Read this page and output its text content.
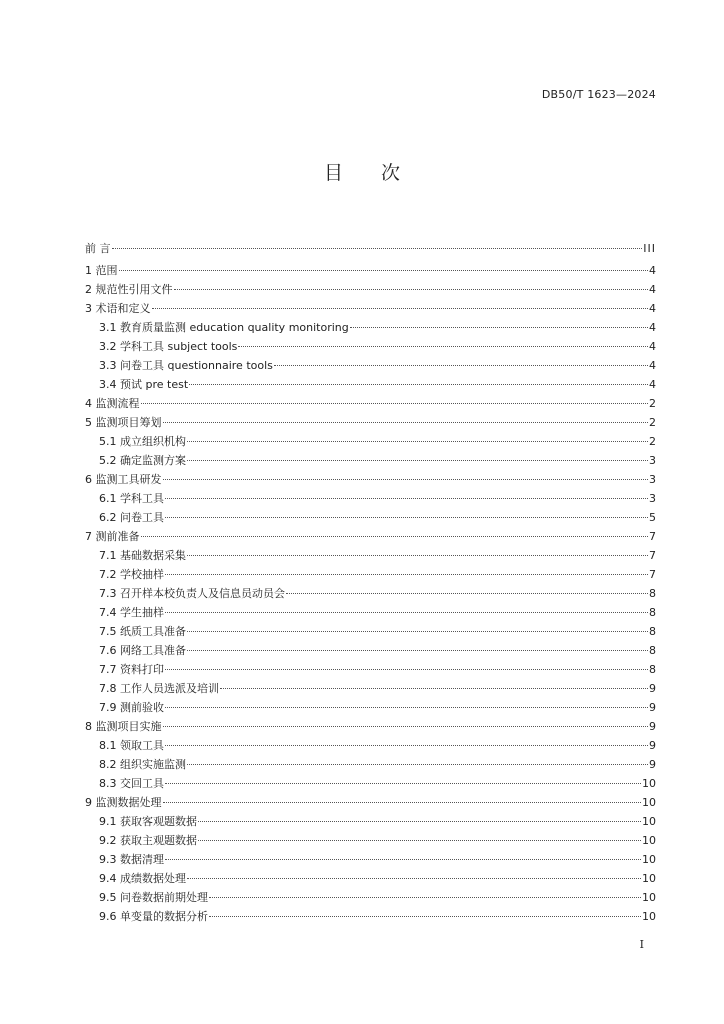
DB50/T 1623—2024
目 次
前 言	III
1 范围	4
2 规范性引用文件	4
3 术语和定义	4
3.1 教育质量监测 education quality monitoring	4
3.2 学科工具 subject tools	4
3.3 问卷工具 questionnaire tools	4
3.4 预试 pre test	4
4 监测流程	2
5 监测项目筹划	2
5.1 成立组织机构	2
5.2 确定监测方案	3
6 监测工具研发	3
6.1 学科工具	3
6.2 问卷工具	5
7 测前准备	7
7.1 基础数据采集	7
7.2 学校抽样	7
7.3 召开样本校负责人及信息员动员会	8
7.4 学生抽样	8
7.5 纸质工具准备	8
7.6 网络工具准备	8
7.7 资料打印	8
7.8 工作人员选派及培训	9
7.9 测前验收	9
8 监测项目实施	9
8.1 领取工具	9
8.2 组织实施监测	9
8.3 交回工具	10
9 监测数据处理	10
9.1 获取客观题数据	10
9.2 获取主观题数据	10
9.3 数据清理	10
9.4 成绩数据处理	10
9.5 问卷数据前期处理	10
9.6 单变量的数据分析	10
I
